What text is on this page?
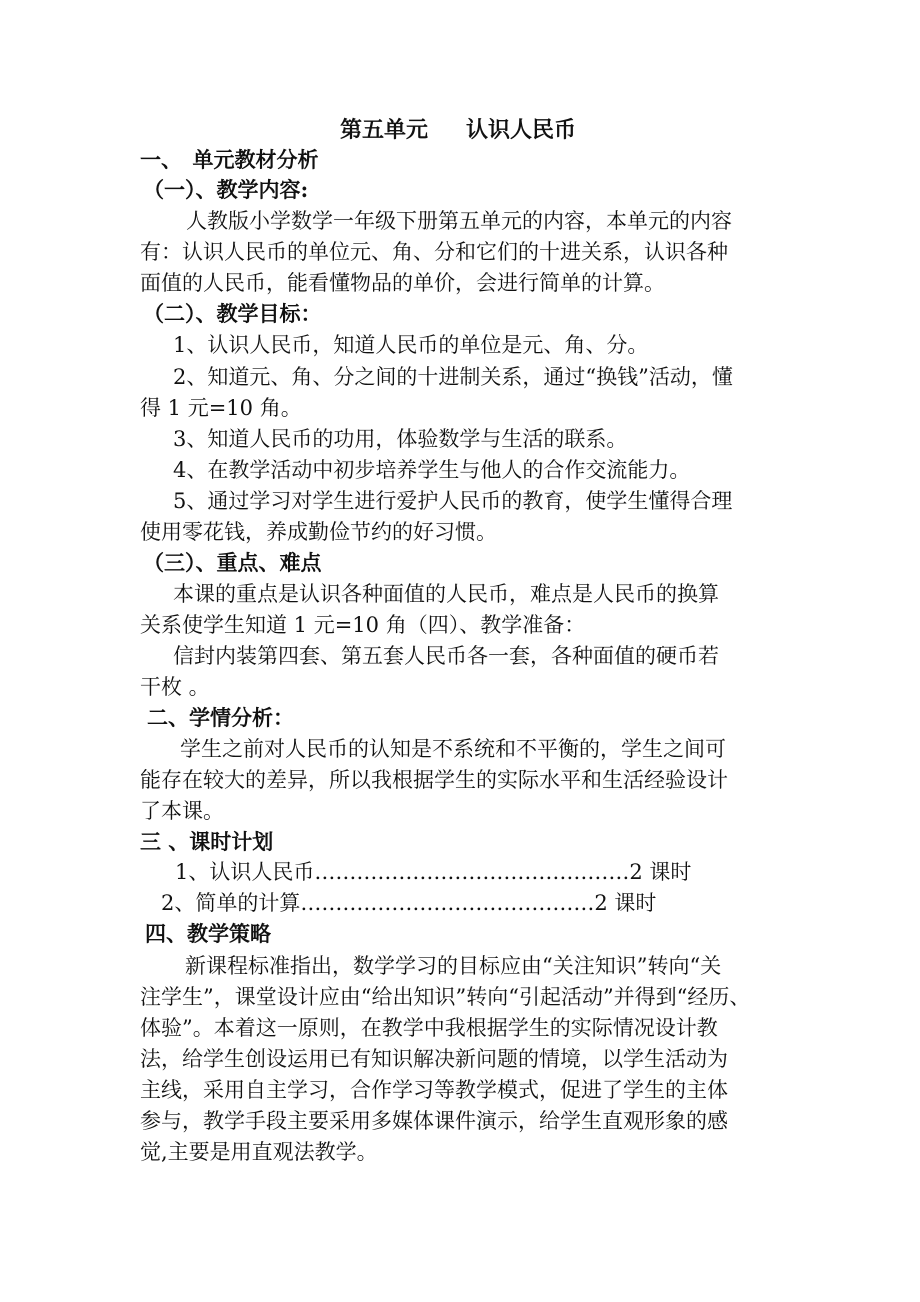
第五单元 认识人民币
一、　单元教材分析
（一）、教学内容:
人教版小学数学一年级下册第五单元的内容，本单元的内容
有：认识人民币的单位元、角、分和它们的十进关系，认识各种
面值的人民币，能看懂物品的单价，会进行简单的计算。
（二）、教学目标：
1、认识人民币，知道人民币的单位是元、角、分。
2、知道元、角、分之间的十进制关系，通过“换钱”活动，懂
得 1 元=10 角。
3、知道人民币的功用，体验数学与生活的联系。
4、在教学活动中初步培养学生与他人的合作交流能力。
5、通过学习对学生进行爱护人民币的教育，使学生懂得合理
使用零花钱，养成勤俭节约的好习惯。
（三）、重点、难点
本课的重点是认识各种面值的人民币，难点是人民币的换算
关系使学生知道 1 元=10 角（四）、教学准备：
信封内装第四套、第五套人民币各一套，各种面值的硬币若
干枚 。
二、学情分析：
学生之前对人民币的认知是不系统和不平衡的，学生之间可
能存在较大的差异，所以我根据学生的实际水平和生活经验设计
了本课。
三 、课时计划
1、认识人民币………………………………………2 课时
2、简单的计算……………………………………2 课时
四、教学策略
新课程标准指出，数学学习的目标应由“关注知识”转向“关
注学生”，课堂设计应由“给出知识”转向“引起活动”并得到“经历、
体验”。本着这一原则，在教学中我根据学生的实际情况设计教
法，给学生创设运用已有知识解决新问题的情境，以学生活动为
主线，采用自主学习，合作学习等教学模式，促进了学生的主体
参与，教学手段主要采用多媒体课件演示，给学生直观形象的感
觉,主要是用直观法教学。
